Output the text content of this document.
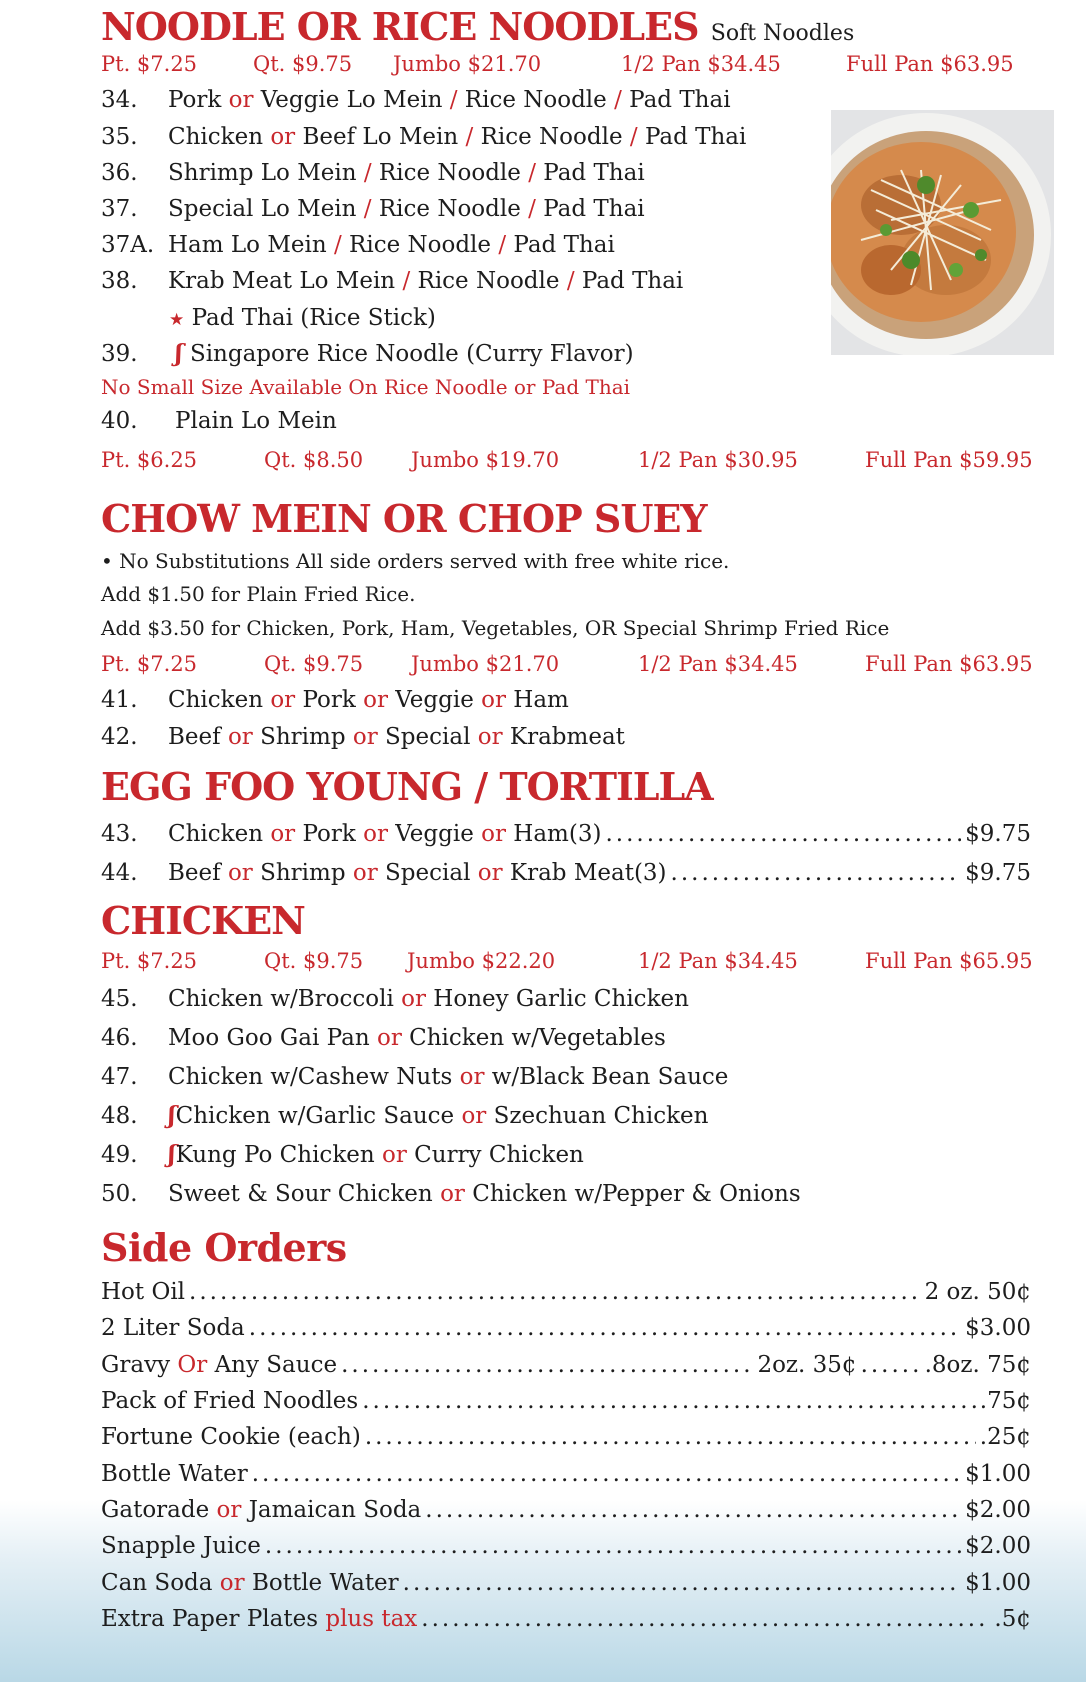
NOODLE OR RICE NOODLES Soft Noodles
Pt. $7.25	Qt. $9.75 Jumbo $21.70	1/2 Pan $34.45	Full Pan $63.95
34. Pork or Veggie Lo Mein / Rice Noodle / Pad Thai
35. Chicken or Beef Lo Mein / Rice Noodle / Pad Thai
36. Shrimp Lo Mein / Rice Noodle / Pad Thai
37. Special Lo Mein / Rice Noodle / Pad Thai
37A. Ham Lo Mein / Rice Noodle / Pad Thai
38. Krab Meat Lo Mein / Rice Noodle / Pad Thai
★ Pad Thai (Rice Stick)
39. ʃ Singapore Rice Noodle (Curry Flavor)
No Small Size Available On Rice Noodle or Pad Thai
40. Plain Lo Mein
Pt. $6.25	Qt. $8.50 Jumbo $19.70	1/2 Pan $30.95	Full Pan $59.95
CHOW MEIN OR CHOP SUEY
• No Substitutions All side orders served with free white rice.
Add $1.50 for Plain Fried Rice.
Add $3.50 for Chicken, Pork, Ham, Vegetables, OR Special Shrimp Fried Rice
Pt. $7.25	Qt. $9.75 Jumbo $21.70	1/2 Pan $34.45	Full Pan $63.95
41. Chicken or Pork or Veggie or Ham
42. Beef or Shrimp or Special or Krabmeat
EGG FOO YOUNG / TORTILLA
43. Chicken or Pork or Veggie or Ham(3) .....	$9.75
44. Beef or Shrimp or Special or Krab Meat(3) .....	$9.75
CHICKEN
Pt. $7.25	Qt. $9.75 Jumbo $22.20	1/2 Pan $34.45	Full Pan $65.95
45. Chicken w/Broccoli or Honey Garlic Chicken
46. Moo Goo Gai Pan or Chicken w/Vegetables
47. Chicken w/Cashew Nuts or w/Black Bean Sauce
48. ʃChicken w/Garlic Sauce or Szechuan Chicken
49. ʃKung Po Chicken or Curry Chicken
50. Sweet & Sour Chicken or Chicken w/Pepper & Onions
Side Orders
Hot Oil .....	2 oz. 50¢
2 Liter Soda .....	$3.00
Gravy Or Any Sauce .....	2oz. 35¢ .....	.8oz. 75¢
Pack of Fried Noodles .....	.75¢
Fortune Cookie (each) .....	.25¢
Bottle Water .....	$1.00
Gatorade or Jamaican Soda .....	$2.00
Snapple Juice .....	$2.00
Can Soda or Bottle Water .....	$1.00
Extra Paper Plates plus tax .....	.5¢
